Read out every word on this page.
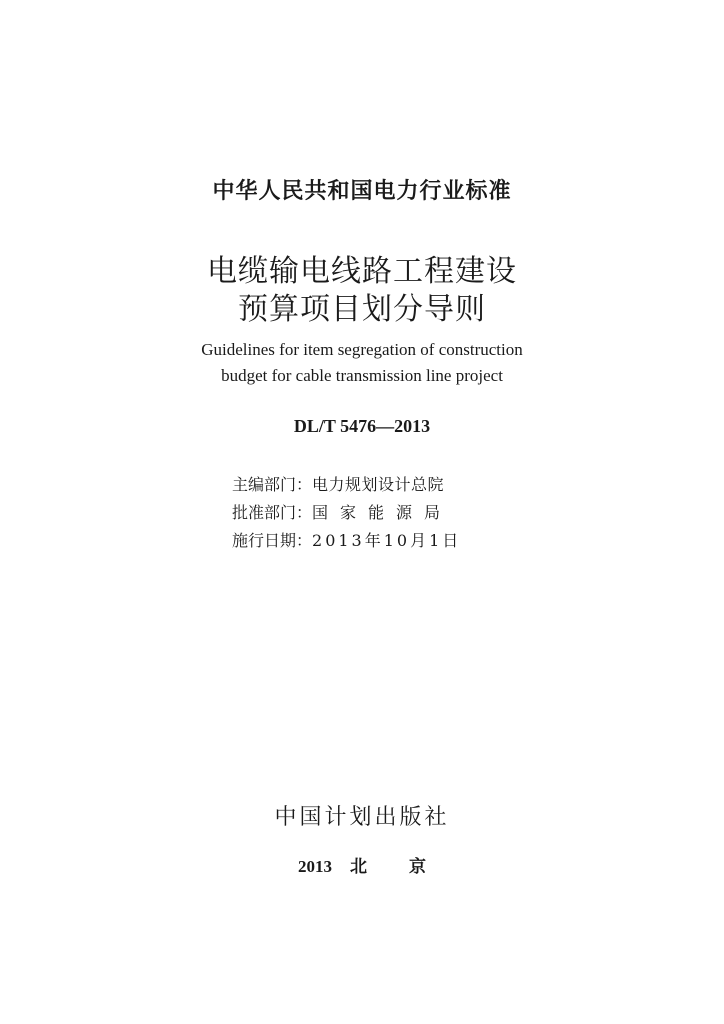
中华人民共和国电力行业标准
电缆输电线路工程建设
预算项目划分导则
Guidelines for item segregation of construction
budget for cable transmission line project
DL/T 5476—2013
主编部门：电力规划设计总院
批准部门：国家能源局
施行日期：2013年10月1日
中国计划出版社
2013 北 京
